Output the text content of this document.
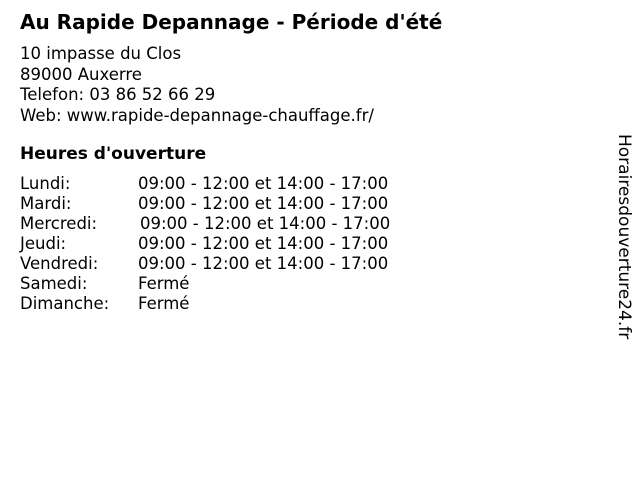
Au Rapide Depannage - Période d'été
10 impasse du Clos
89000 Auxerre
Telefon: 03 86 52 66 29
Web: www.rapide-depannage-chauffage.fr/
Heures d'ouverture
Lundi:	09:00 - 12:00 et 14:00 - 17:00
Mardi:	09:00 - 12:00 et 14:00 - 17:00
Mercredi:	09:00 - 12:00 et 14:00 - 17:00
Jeudi:	09:00 - 12:00 et 14:00 - 17:00
Vendredi: 09:00 - 12:00 et 14:00 - 17:00
Samedi:	Fermé
Dimanche: Fermé	Horairesdouverture24.fr
